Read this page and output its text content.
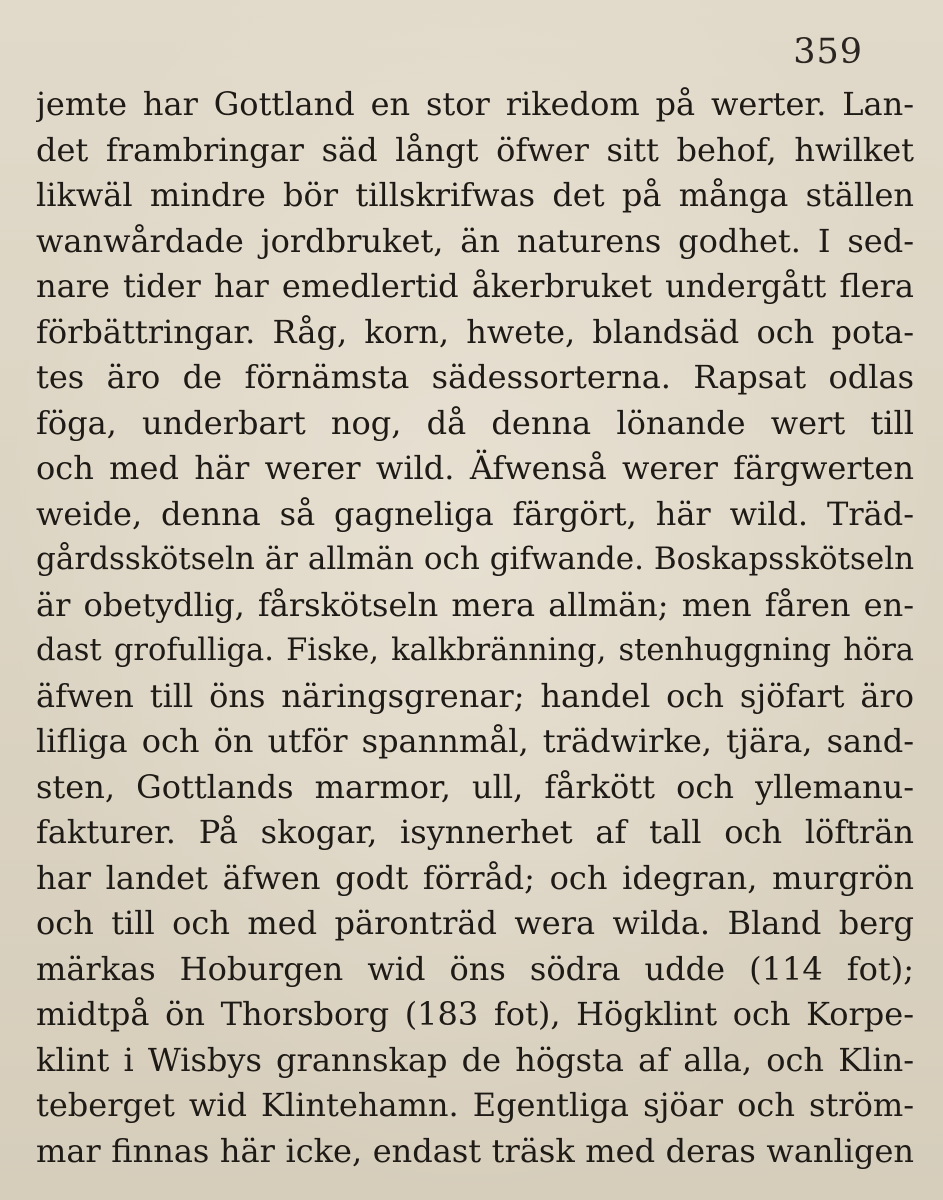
359
jemte har Gottland en stor rikedom på werter. Lan-
det frambringar säd långt öfwer sitt behof, hwilket
likwäl mindre bör tillskrifwas det på många ställen
wanwårdade jordbruket, än naturens godhet. I sed-
nare tider har emedlertid åkerbruket undergått flera
förbättringar. Råg, korn, hwete, blandsäd och pota-
tes äro de förnämsta sädessorterna. Rapsat odlas
föga, underbart nog, då denna lönande wert till
och med här werer wild. Äfwenså werer färgwerten
weide, denna så gagneliga färgört, här wild. Träd-
gårdsskötseln är allmän och gifwande. Boskapsskötseln
är obetydlig, fårskötseln mera allmän; men fåren en-
dast grofulliga. Fiske, kalkbränning, stenhuggning höra
äfwen till öns näringsgrenar; handel och sjöfart äro
lifliga och ön utför spannmål, trädwirke, tjära, sand-
sten, Gottlands marmor, ull, fårkött och yllemanu-
fakturer. På skogar, isynnerhet af tall och löfträn
har landet äfwen godt förråd; och idegran, murgrön
och till och med päronträd wera wilda. Bland berg
märkas Hoburgen wid öns södra udde (114 fot);
midtpå ön Thorsborg (183 fot), Högklint och Korpe-
klint i Wisbys grannskap de högsta af alla, och Klin-
teberget wid Klintehamn. Egentliga sjöar och ström-
mar finnas här icke, endast träsk med deras wanligen
